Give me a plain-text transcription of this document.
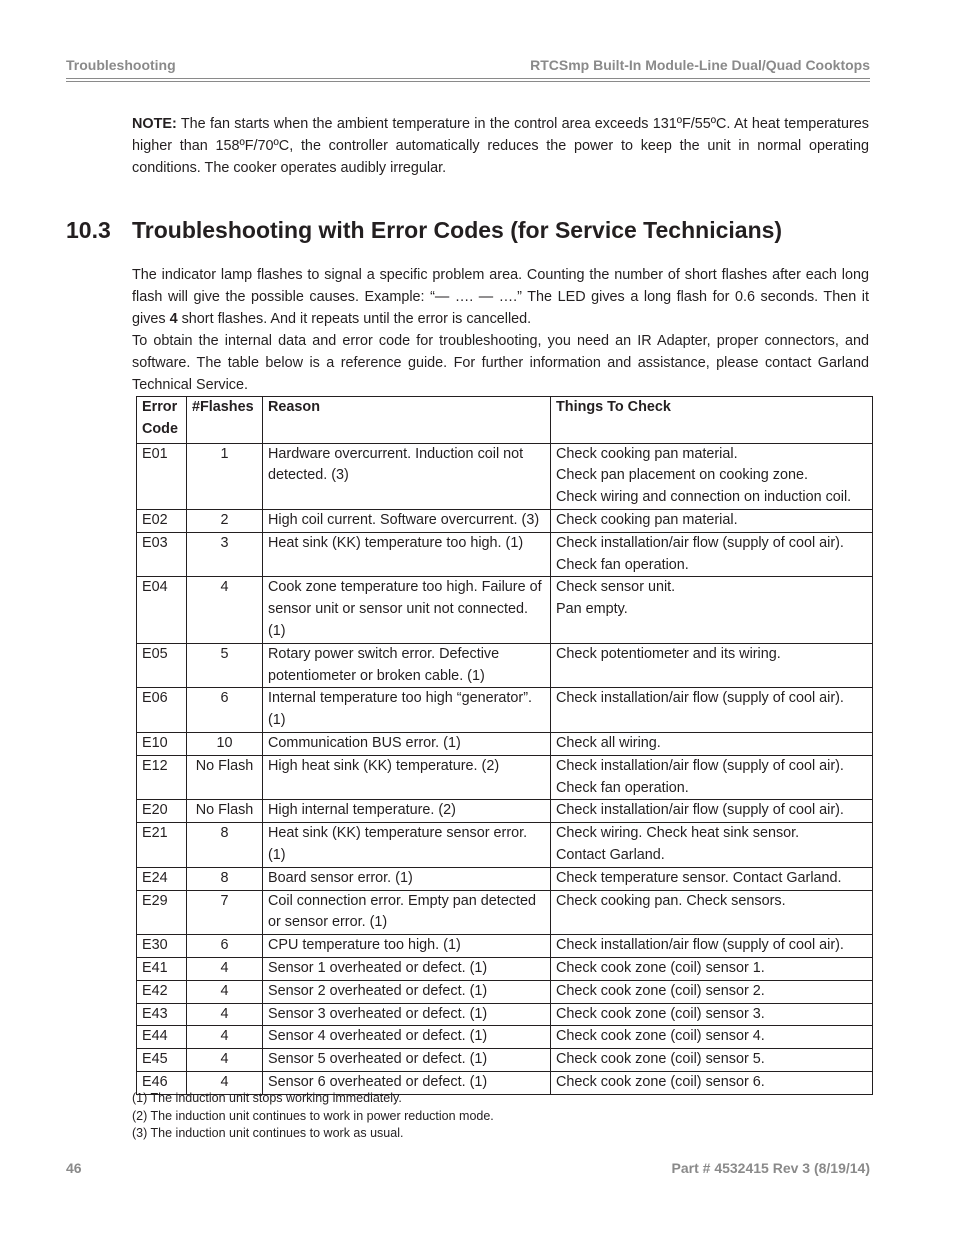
Troubleshooting	RTCSmp Built-In Module-Line Dual/Quad Cooktops
NOTE: The fan starts when the ambient temperature in the control area exceeds 131ºF/55ºC. At heat temperatures higher than 158ºF/70ºC, the controller automatically reduces the power to keep the unit in normal operating conditions. The cooker operates audibly irregular.
10.3 Troubleshooting with Error Codes (for Service Technicians)
The indicator lamp flashes to signal a specific problem area. Counting the number of short flashes after each long flash will give the possible causes. Example: “— …. — ….” The LED gives a long flash for 0.6 seconds. Then it gives 4 short flashes. And it repeats until the error is cancelled.
To obtain the internal data and error code for troubleshooting, you need an IR Adapter, proper connectors, and software. The table below is a reference guide. For further information and assistance, please contact Garland Technical Service.
Error Code	#Flashes	Reason	Things To Check
E01	1	Hardware overcurrent. Induction coil not detected. (3)	Check cooking pan material.
Check pan placement on cooking zone.
Check wiring and connection on induction coil.

E02	2	High coil current. Software overcurrent. (3)	Check cooking pan material.

E03	3	Heat sink (KK) temperature too high. (1)	Check installation/air flow (supply of cool air).
Check fan operation.

E04	4	Cook zone temperature too high. Failure of sensor unit or sensor unit not connected. (1)	Check sensor unit.
Pan empty.

E05	5	Rotary power switch error. Defective potentiometer or broken cable. (1)	Check potentiometer and its wiring.

E06	6	Internal temperature too high “generator”. (1)	Check installation/air flow (supply of cool air).

E10	10	Communication BUS error. (1)	Check all wiring.

E12	No Flash	High heat sink (KK) temperature. (2)	Check installation/air flow (supply of cool air).
Check fan operation.

E20	No Flash	High internal temperature. (2)	Check installation/air flow (supply of cool air).

E21	8	Heat sink (KK) temperature sensor error. (1)	Check wiring. Check heat sink sensor.
Contact Garland.

E24	8	Board sensor error. (1)	Check temperature sensor. Contact Garland.

E29	7	Coil connection error. Empty pan detected or sensor error. (1)	Check cooking pan. Check sensors.

E30	6	CPU temperature too high. (1)	Check installation/air flow (supply of cool air).

E41	4	Sensor 1 overheated or defect. (1)	Check cook zone (coil) sensor 1.

E42	4	Sensor 2 overheated or defect. (1)	Check cook zone (coil) sensor 2.

E43	4	Sensor 3 overheated or defect. (1)	Check cook zone (coil) sensor 3.

E44	4	Sensor 4 overheated or defect. (1)	Check cook zone (coil) sensor 4.

E45	4	Sensor 5 overheated or defect. (1)	Check cook zone (coil) sensor 5.

E46	4	Sensor 6 overheated or defect. (1)	Check cook zone (coil) sensor 6.
(1) The induction unit stops working immediately.
(2) The induction unit continues to work in power reduction mode.
(3) The induction unit continues to work as usual.
46	Part # 4532415 Rev 3 (8/19/14)
